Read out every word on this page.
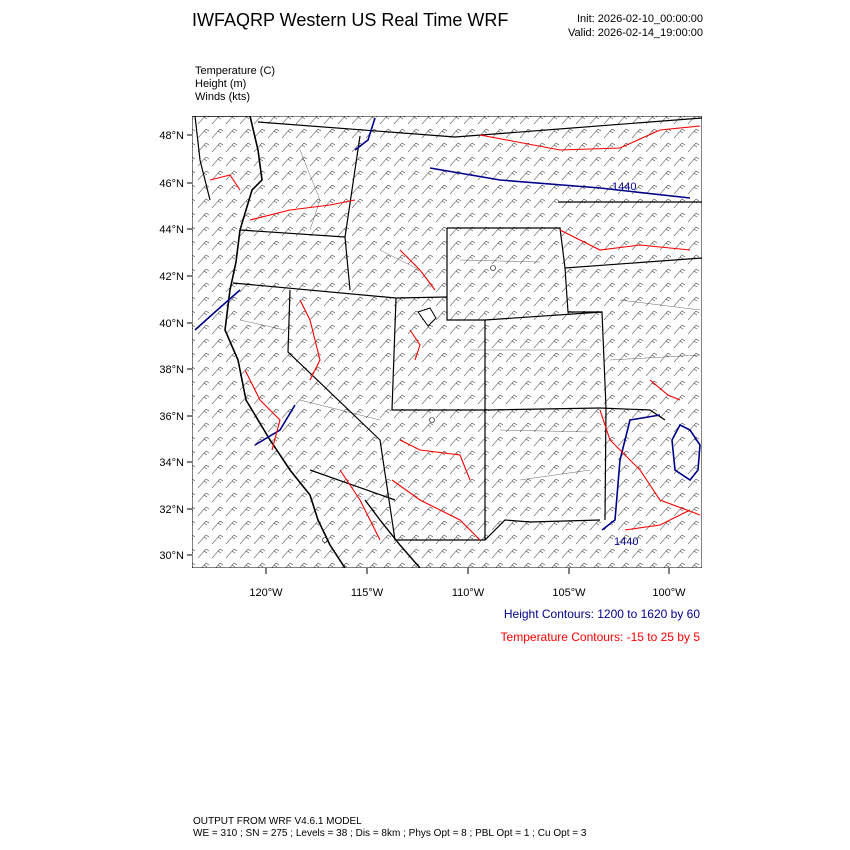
IWFAQRP Western US Real Time WRF	Init: 2026-02-10_00:00:00
Valid: 2026-02-14_19:00:00
Temperature (C)
Height (m)
Winds (kts)
1440
1440
48°N
46°N
44°N
42°N
40°N
38°N
36°N
34°N
32°N
30°N
120°W	115°W	110°W	105°W	100°W
Height Contours: 1200 to 1620 by 60
Temperature Contours: -15 to 25 by 5
OUTPUT FROM WRF V4.6.1 MODEL
WE = 310 ; SN = 275 ; Levels = 38 ; Dis = 8km ; Phys Opt = 8 ; PBL Opt = 1 ; Cu Opt = 3
